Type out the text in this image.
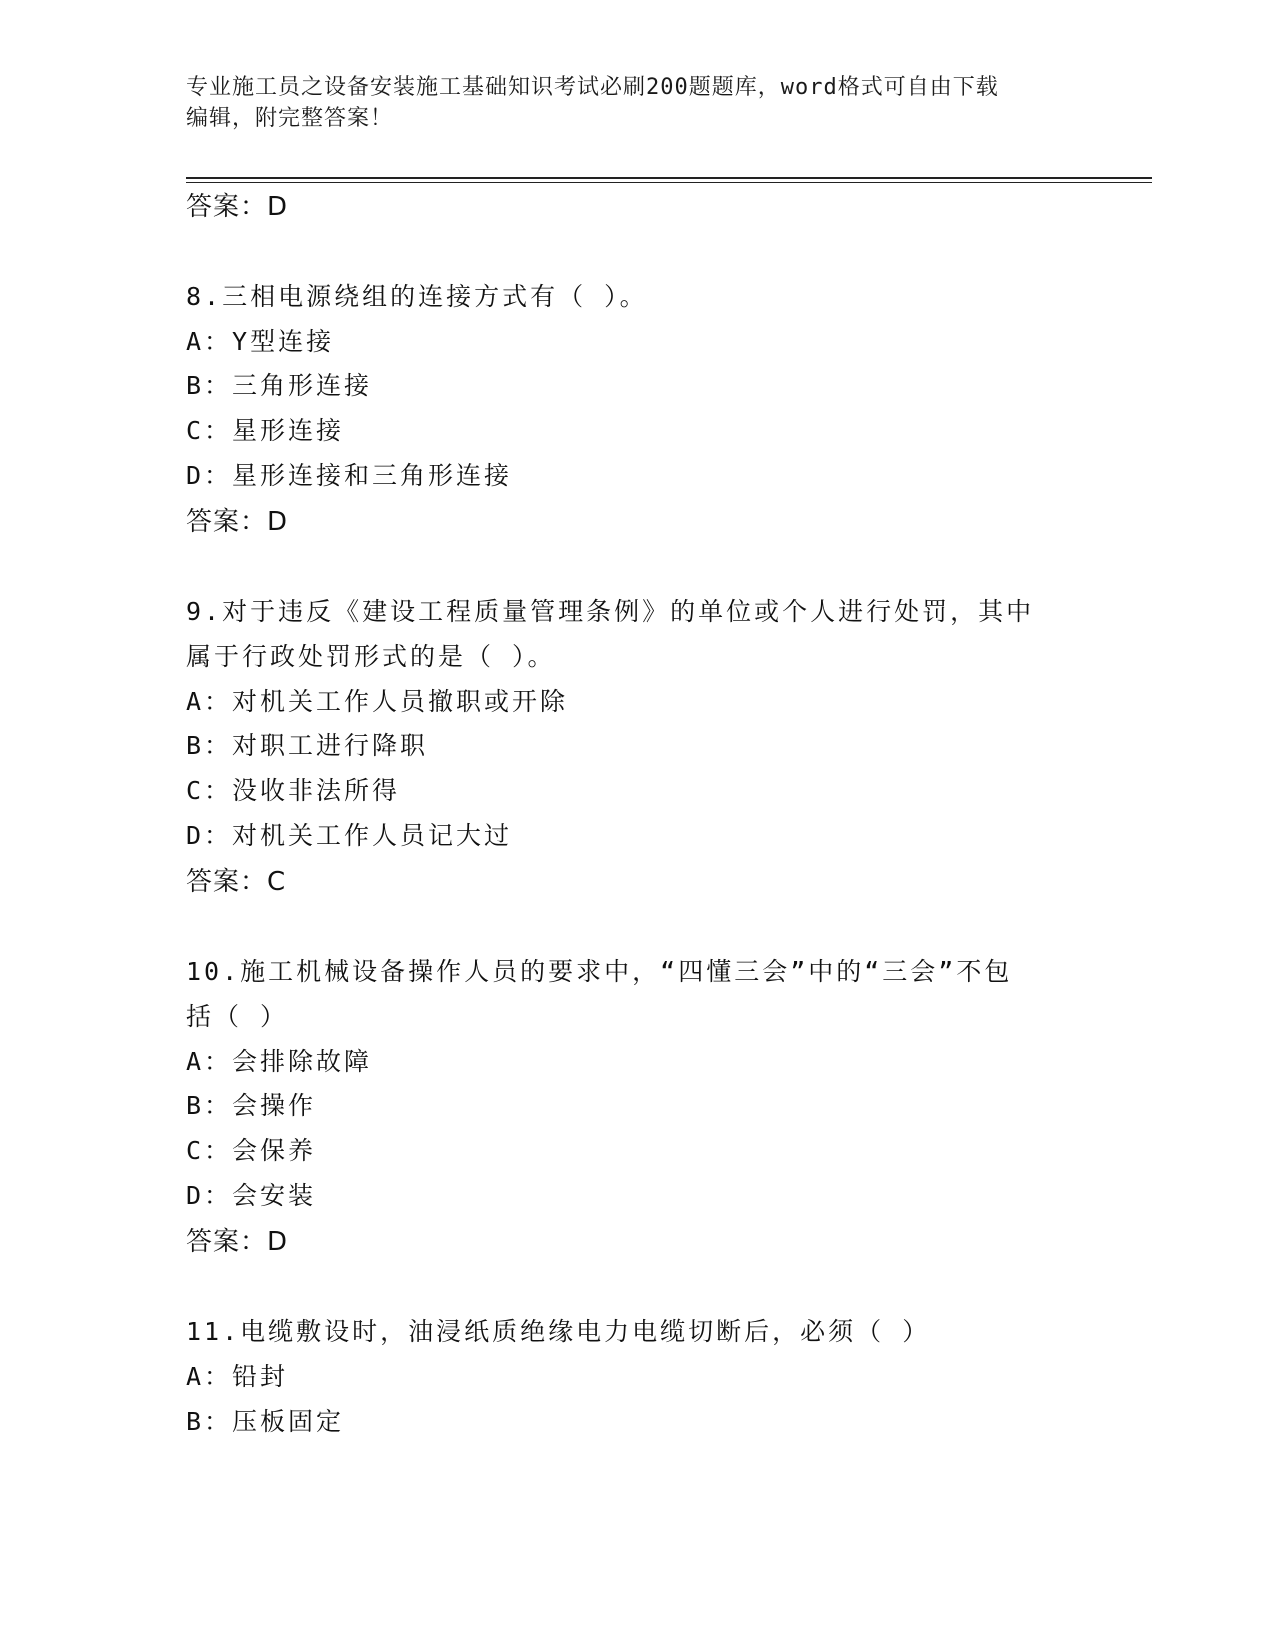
专业施工员之设备安装施工基础知识考试必刷200题题库，word格式可自由下载
编辑，附完整答案！
答案：D
8.三相电源绕组的连接方式有（ ）。
A：Y型连接
B：三角形连接
C：星形连接
D：星形连接和三角形连接
答案：D
9.对于违反《建设工程质量管理条例》的单位或个人进行处罚，其中
属于行政处罚形式的是（ ）。
A：对机关工作人员撤职或开除
B：对职工进行降职
C：没收非法所得
D：对机关工作人员记大过
答案：C
10.施工机械设备操作人员的要求中，“四懂三会”中的“三会”不包
括（ ）
A：会排除故障
B：会操作
C：会保养
D：会安装
答案：D
11.电缆敷设时，油浸纸质绝缘电力电缆切断后，必须（ ）
A：铅封
B：压板固定
